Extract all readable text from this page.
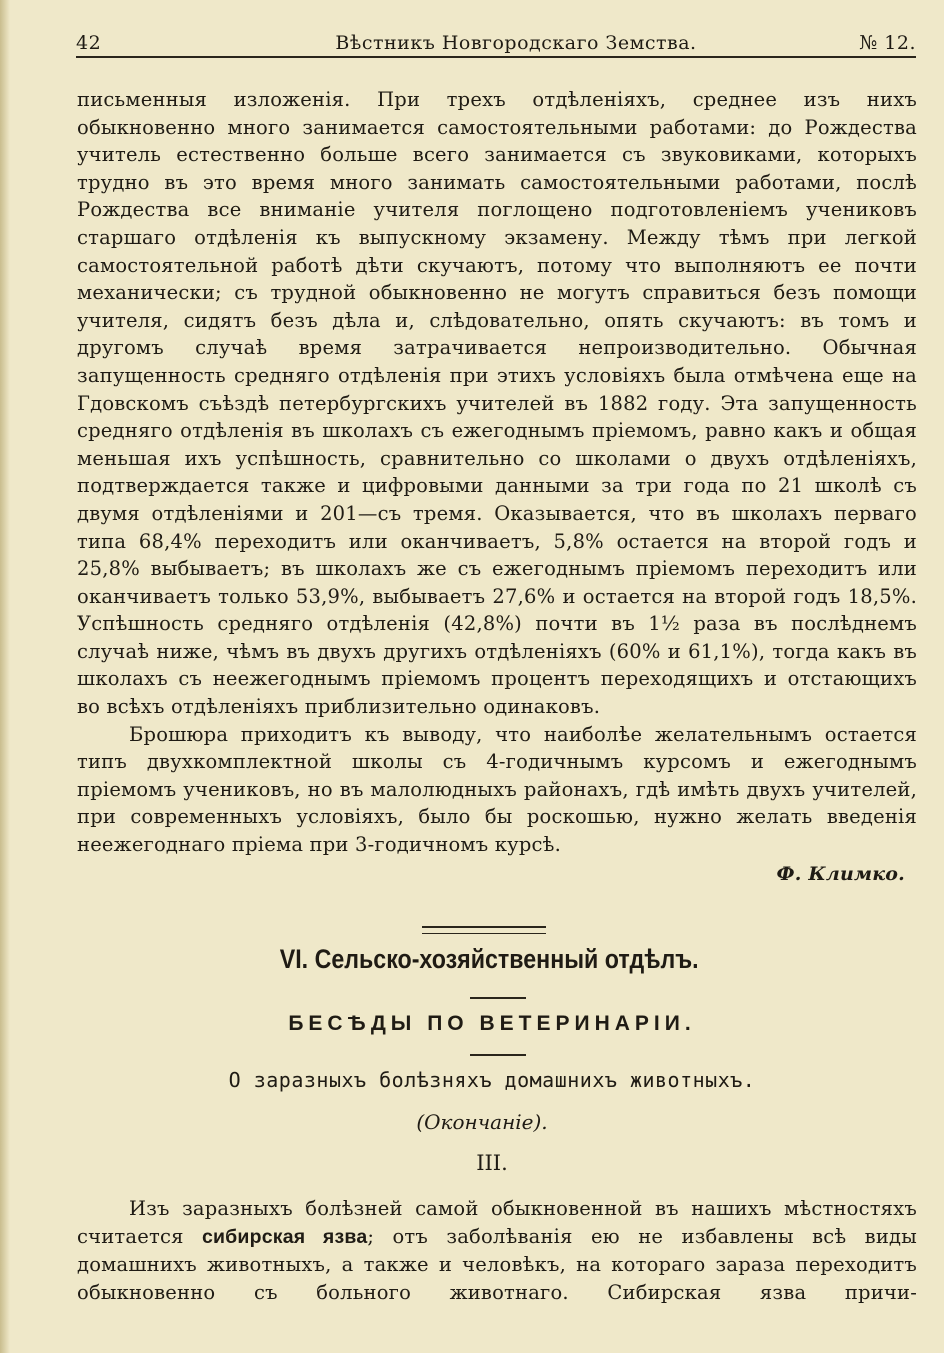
42	Вѣстникъ Новгородскаго Земства.	№ 12.

письменныя изложенія. При трехъ отдѣленіяхъ, среднее изъ нихъ обыкновенно много занимается самостоятельными работами: до Рождества учитель естественно больше всего занимается съ звуковиками, которыхъ трудно въ это время много занимать самостоятельными работами, послѣ Рождества все вниманіе учителя поглощено подготовленіемъ учениковъ старшаго отдѣленія къ выпускному экзамену. Между тѣмъ при легкой самостоятельной работѣ дѣти скучаютъ, потому что выполняютъ ее почти механически; съ трудной обыкновенно не могутъ справиться безъ помощи учителя, сидятъ безъ дѣла и, слѣдовательно, опять скучаютъ: въ томъ и другомъ случаѣ время затрачивается непроизводительно. Обычная запущенность средняго отдѣленія при этихъ условіяхъ была отмѣчена еще на Гдовскомъ съѣздѣ петербургскихъ учителей въ 1882 году. Эта запущенность средняго отдѣленія въ школахъ съ ежегоднымъ пріемомъ, равно какъ и общая меньшая ихъ успѣшность, сравнительно со школами о двухъ отдѣленіяхъ, подтверждается также и цифровыми данными за три года по 21 школѣ съ двумя отдѣленіями и 201—съ тремя. Оказывается, что въ школахъ перваго типа 68,4% переходитъ или оканчиваетъ, 5,8% остается на второй годъ и 25,8% выбываетъ; въ школахъ же съ ежегоднымъ пріемомъ переходитъ или оканчиваетъ только 53,9%, выбываетъ 27,6% и остается на второй годъ 18,5%. Успѣшность средняго отдѣленія (42,8%) почти въ 1½ раза въ послѣднемъ случаѣ ниже, чѣмъ въ двухъ другихъ отдѣленіяхъ (60% и 61,1%), тогда какъ въ школахъ съ неежегоднымъ пріемомъ процентъ переходящихъ и отстающихъ во всѣхъ отдѣленіяхъ приблизительно одинаковъ.

Брошюра приходитъ къ выводу, что наиболѣе желательнымъ остается типъ двухкомплектной школы съ 4-годичнымъ курсомъ и ежегоднымъ пріемомъ учениковъ, но въ малолюдныхъ районахъ, гдѣ имѣть двухъ учителей, при современныхъ условіяхъ, было бы роскошью, нужно желать введенія неежегоднаго пріема при 3-годичномъ курсѣ.

Ф. Климко.
VI. Сельско-хозяйственный отдѣлъ.
БЕСѢДЫ ПО ВЕТЕРИНАРІИ.
О заразныхъ болѣзняхъ домашнихъ животныхъ.
(Окончаніе).
III.

Изъ заразныхъ болѣзней самой обыкновенной въ нашихъ мѣстностяхъ считается сибирская язва; отъ заболѣванія ею не избавлены всѣ виды домашнихъ животныхъ, а также и человѣкъ, на котораго зараза переходитъ обыкновенно съ больного животнаго. Сибирская язва причи-
